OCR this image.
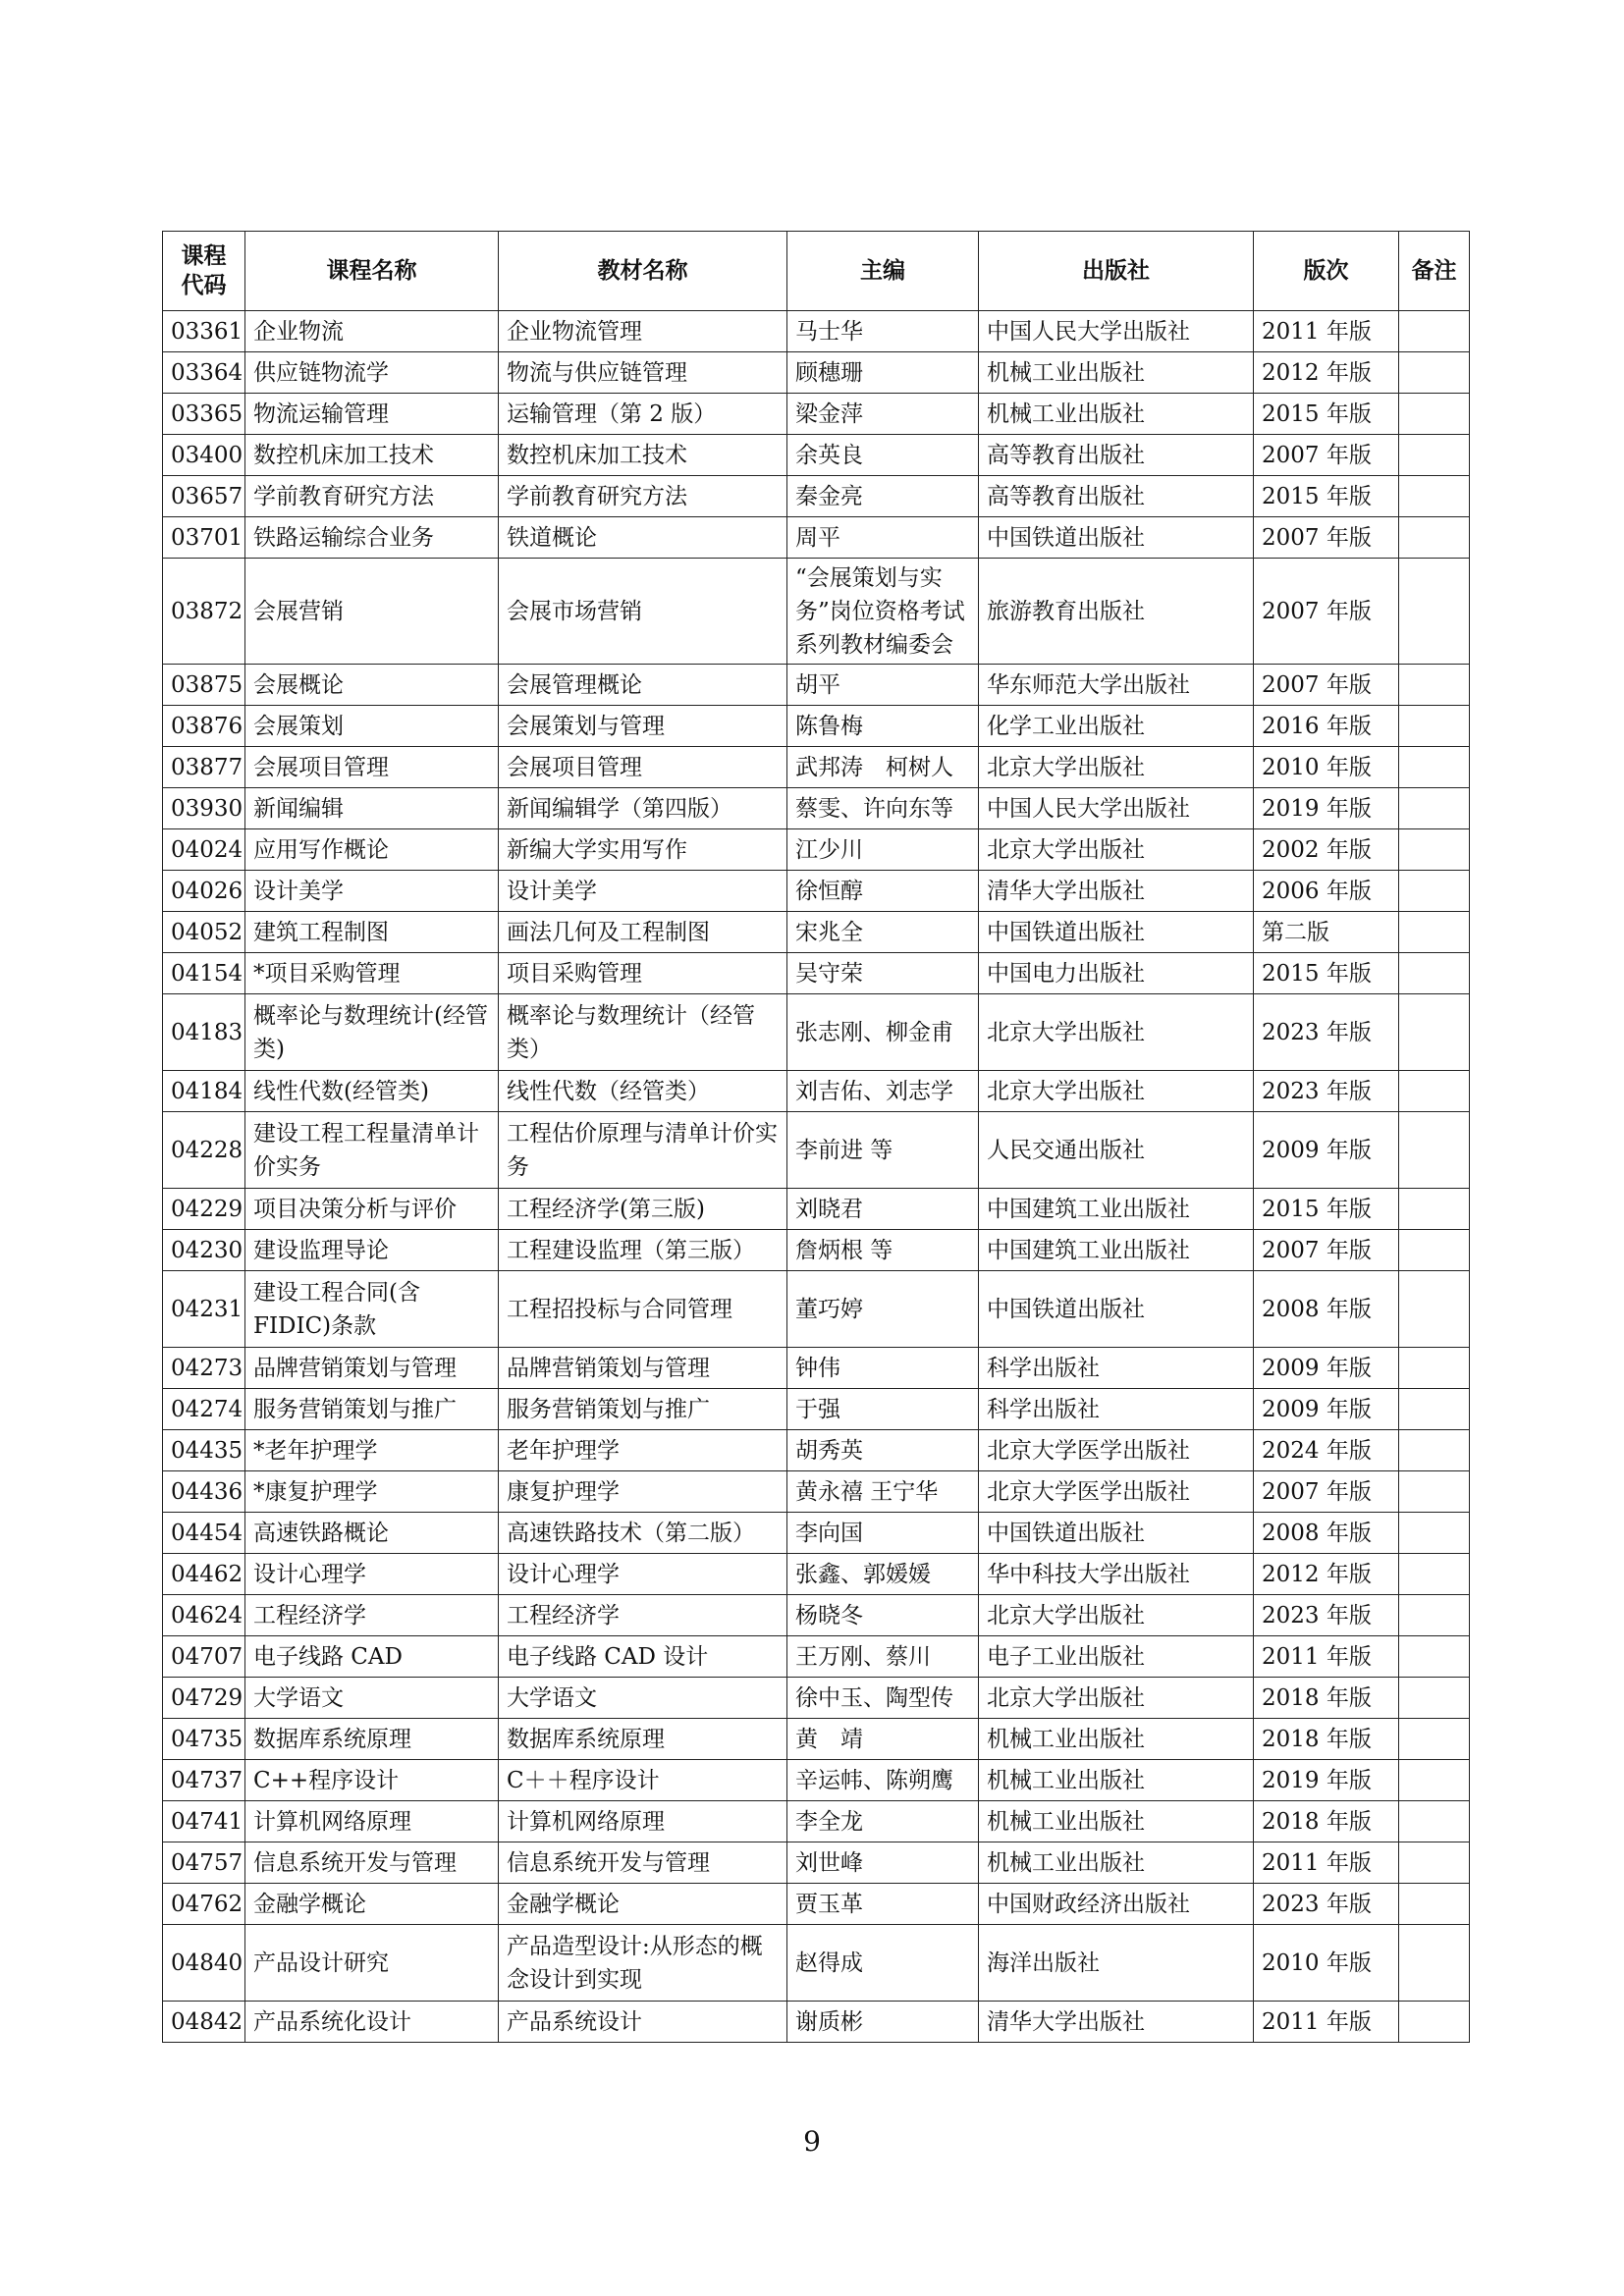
课程代码	课程名称	教材名称	主编	出版社	版次	备注
03361	企业物流	企业物流管理	马士华	中国人民大学出版社	2011 年版	
03364	供应链物流学	物流与供应链管理	顾穗珊	机械工业出版社	2012 年版	
03365	物流运输管理	运输管理（第 2 版）	梁金萍	机械工业出版社	2015 年版	
03400	数控机床加工技术	数控机床加工技术	余英良	高等教育出版社	2007 年版	
03657	学前教育研究方法	学前教育研究方法	秦金亮	高等教育出版社	2015 年版	
03701	铁路运输综合业务	铁道概论	周平	中国铁道出版社	2007 年版	
03872	会展营销	会展市场营销	“会展策划与实务”岗位资格考试系列教材编委会	旅游教育出版社	2007 年版	
03875	会展概论	会展管理概论	胡平	华东师范大学出版社	2007 年版	
03876	会展策划	会展策划与管理	陈鲁梅	化学工业出版社	2016 年版	
03877	会展项目管理	会展项目管理	武邦涛　柯树人	北京大学出版社	2010 年版	
03930	新闻编辑	新闻编辑学（第四版）	蔡雯、许向东等	中国人民大学出版社	2019 年版	
04024	应用写作概论	新编大学实用写作	江少川	北京大学出版社	2002 年版	
04026	设计美学	设计美学	徐恒醇	清华大学出版社	2006 年版	
04052	建筑工程制图	画法几何及工程制图	宋兆全	中国铁道出版社	第二版	
04154	*项目采购管理	项目采购管理	吴守荣	中国电力出版社	2015 年版	
04183	概率论与数理统计(经管类)	概率论与数理统计（经管类）	张志刚、柳金甫	北京大学出版社	2023 年版	
04184	线性代数(经管类)	线性代数（经管类）	刘吉佑、刘志学	北京大学出版社	2023 年版	
04228	建设工程工程量清单计价实务	工程估价原理与清单计价实务	李前进 等	人民交通出版社	2009 年版	
04229	项目决策分析与评价	工程经济学(第三版)	刘晓君	中国建筑工业出版社	2015 年版	
04230	建设监理导论	工程建设监理（第三版）	詹炳根 等	中国建筑工业出版社	2007 年版	
04231	建设工程合同(含FIDIC)条款	工程招投标与合同管理	董巧婷	中国铁道出版社	2008 年版	
04273	品牌营销策划与管理	品牌营销策划与管理	钟伟	科学出版社	2009 年版	
04274	服务营销策划与推广	服务营销策划与推广	于强	科学出版社	2009 年版	
04435	*老年护理学	老年护理学	胡秀英	北京大学医学出版社	2024 年版	
04436	*康复护理学	康复护理学	黄永禧 王宁华	北京大学医学出版社	2007 年版	
04454	高速铁路概论	高速铁路技术（第二版）	李向国	中国铁道出版社	2008 年版	
04462	设计心理学	设计心理学	张鑫、郭媛媛	华中科技大学出版社	2012 年版	
04624	工程经济学	工程经济学	杨晓冬	北京大学出版社	2023 年版	
04707	电子线路 CAD	电子线路 CAD 设计	王万刚、蔡川	电子工业出版社	2011 年版	
04729	大学语文	大学语文	徐中玉、陶型传	北京大学出版社	2018 年版	
04735	数据库系统原理	数据库系统原理	黄　靖	机械工业出版社	2018 年版	
04737	C++程序设计	C＋＋程序设计	辛运帏、陈朔鹰	机械工业出版社	2019 年版	
04741	计算机网络原理	计算机网络原理	李全龙	机械工业出版社	2018 年版	
04757	信息系统开发与管理	信息系统开发与管理	刘世峰	机械工业出版社	2011 年版	
04762	金融学概论	金融学概论	贾玉革	中国财政经济出版社	2023 年版	
04840	产品设计研究	产品造型设计:从形态的概念设计到实现	赵得成	海洋出版社	2010 年版	
04842	产品系统化设计	产品系统设计	谢质彬	清华大学出版社	2011 年版	
9
